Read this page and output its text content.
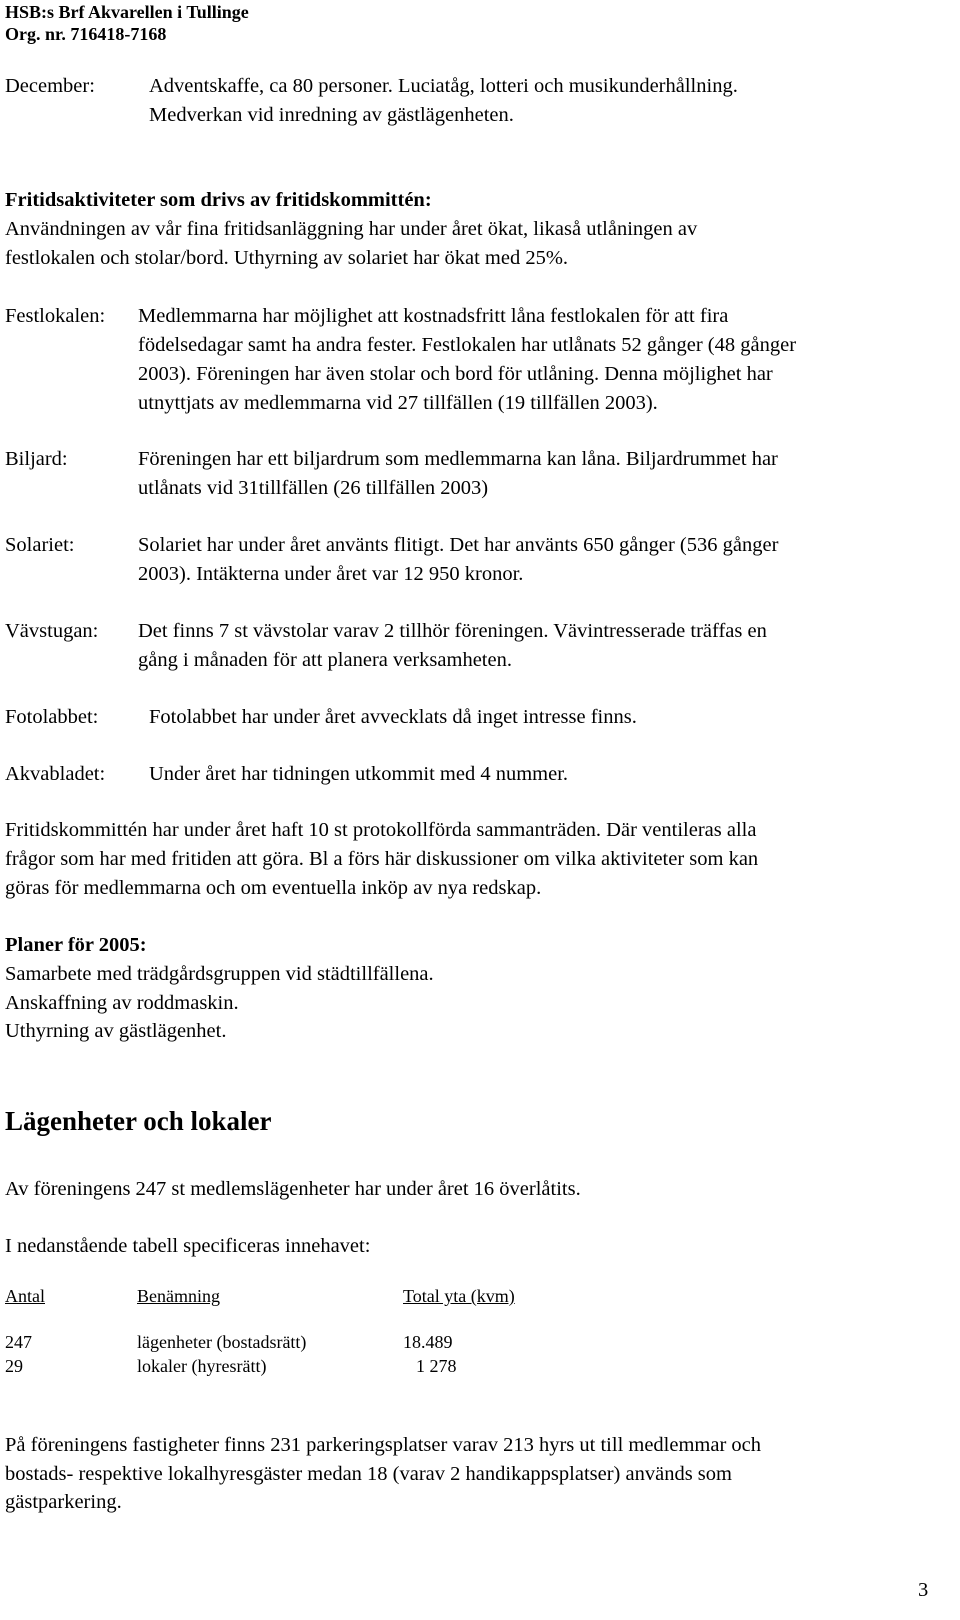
HSB:s Brf Akvarellen i Tullinge
Org. nr. 716418-7168
December:	Adventskaffe, ca 80 personer. Luciatåg, lotteri och musikunderhållning.
Medverkan vid inredning av gästlägenheten.
Fritidsaktiviteter som drivs av fritidskommittén:
Användningen av vår fina fritidsanläggning har under året ökat, likaså utlåningen av
festlokalen och stolar/bord. Uthyrning av solariet har ökat med 25%.
Festlokalen: Medlemmarna har möjlighet att kostnadsfritt låna festlokalen för att fira
födelsedagar samt ha andra fester. Festlokalen har utlånats 52 gånger (48 gånger
2003). Föreningen har även stolar och bord för utlåning. Denna möjlighet har
utnyttjats av medlemmarna vid 27 tillfällen (19 tillfällen 2003).
Biljard:	Föreningen har ett biljardrum som medlemmarna kan låna. Biljardrummet har
utlånats vid 31tillfällen (26 tillfällen 2003)
Solariet:	Solariet har under året använts flitigt. Det har använts 650 gånger (536 gånger
2003). Intäkterna under året var 12 950 kronor.
Vävstugan: Det finns 7 st vävstolar varav 2 tillhör föreningen. Vävintresserade träffas en
gång i månaden för att planera verksamheten.
Fotolabbet: Fotolabbet har under året avvecklats då inget intresse finns.
Akvabladet: Under året har tidningen utkommit med 4 nummer.
Fritidskommittén har under året haft 10 st protokollförda sammanträden. Där ventileras alla
frågor som har med fritiden att göra. Bl a förs här diskussioner om vilka aktiviteter som kan
göras för medlemmarna och om eventuella inköp av nya redskap.
Planer för 2005:
Samarbete med trädgårdsgruppen vid städtillfällena.
Anskaffning av roddmaskin.
Uthyrning av gästlägenhet.
Lägenheter och lokaler
Av föreningens 247 st medlemslägenheter har under året 16 överlåtits.
I nedanstående tabell specificeras innehavet:
Antal	Benämning	Total yta (kvm)
247	lägenheter (bostadsrätt)	18.489
29	lokaler (hyresrätt)	1 278
På föreningens fastigheter finns 231 parkeringsplatser varav 213 hyrs ut till medlemmar och
bostads- respektive lokalhyresgäster medan 18 (varav 2 handikappsplatser) används som
gästparkering.
3
